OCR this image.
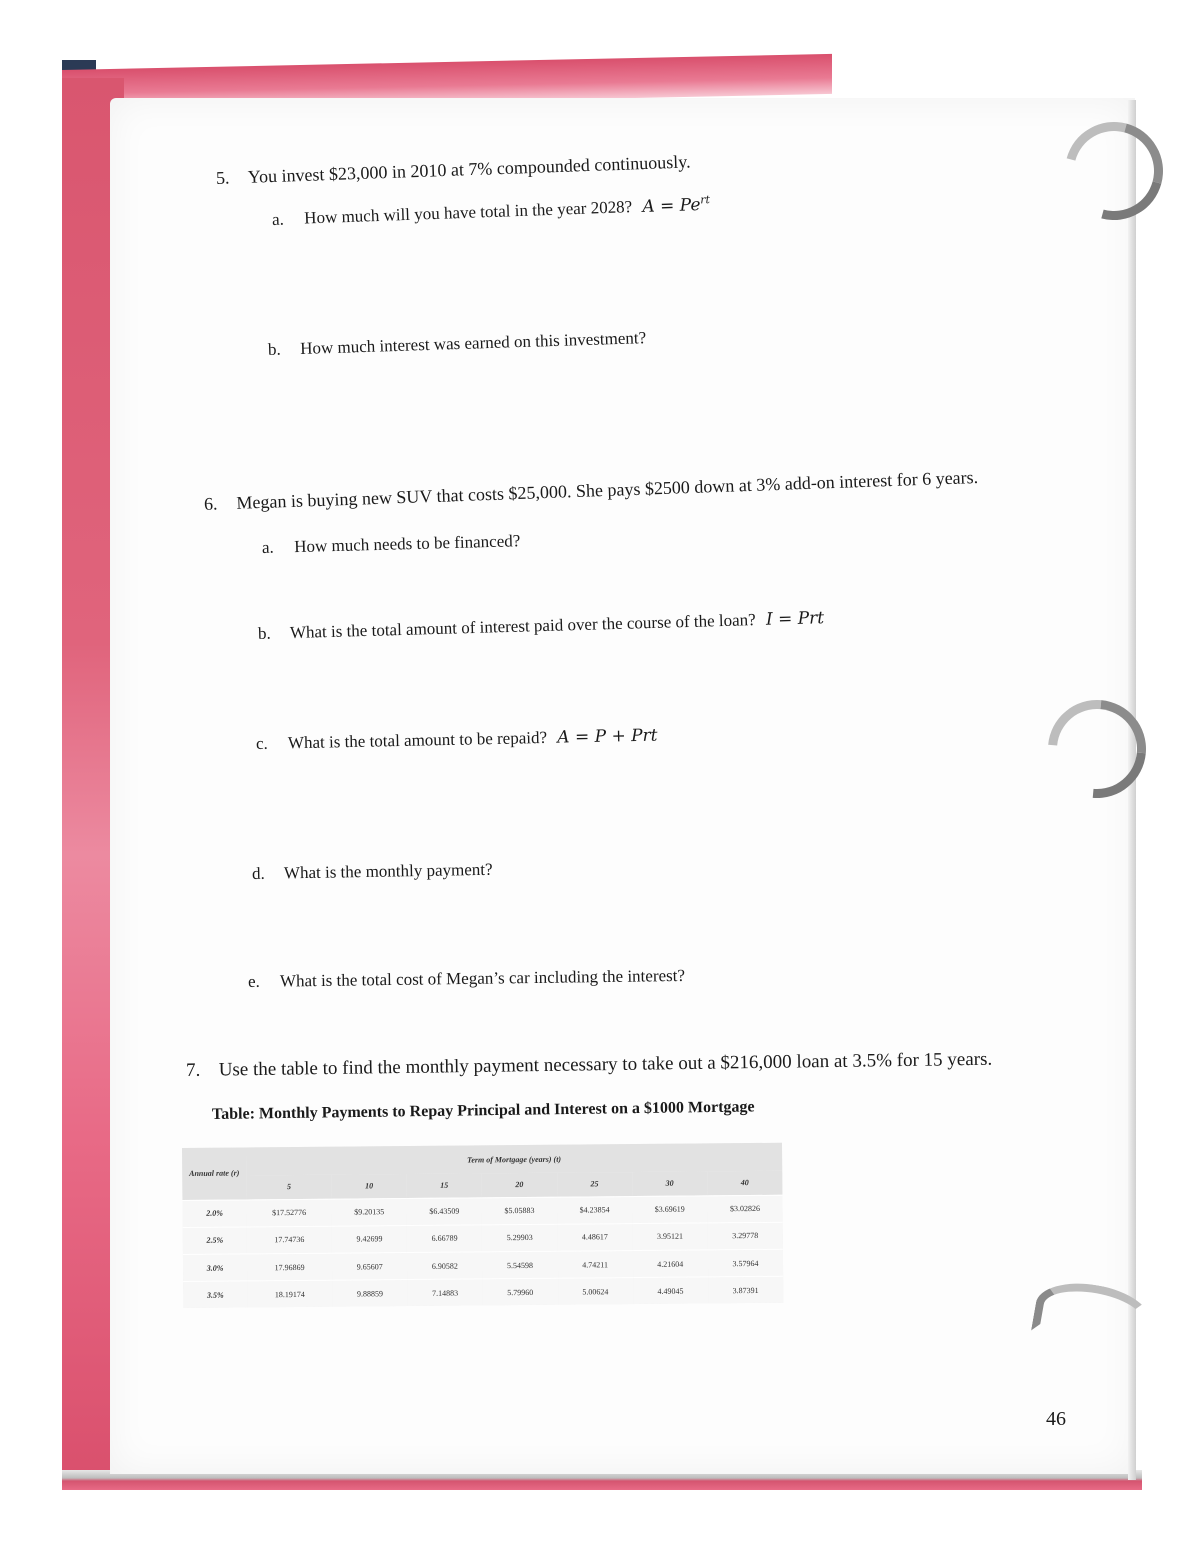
5. You invest $23,000 in 2010 at 7% compounded continuously.
a. How much will you have total in the year 2028? $A = Pe^{rt}$
b. How much interest was earned on this investment?
6. Megan is buying new SUV that costs $25,000. She pays $2500 down at 3% add-on interest for 6 years.
a. How much needs to be financed?
b. What is the total amount of interest paid over the course of the loan? I = Prt
c. What is the total amount to be repaid? A = P + Prt
d. What is the monthly payment?
e. What is the total cost of Megan’s car including the interest?
7. Use the table to find the monthly payment necessary to take out a $216,000 loan at 3.5% for 15 years.
Table: Monthly Payments to Repay Principal and Interest on a $1000 Mortgage
Annual rate (r)	Term of Mortgage (years) (t)						
	5	10	15	20	25	30	40
2.0%	$17.52776	$9.20135	$6.43509	$5.05883	$4.23854	$3.69619	$3.02826
2.5%	17.74736	9.42699	6.66789	5.29903	4.48617	3.95121	3.29778
3.0%	17.96869	9.65607	6.90582	5.54598	4.74211	4.21604	3.57964
3.5%	18.19174	9.88859	7.14883	5.79960	5.00624	4.49045	3.87391
46
